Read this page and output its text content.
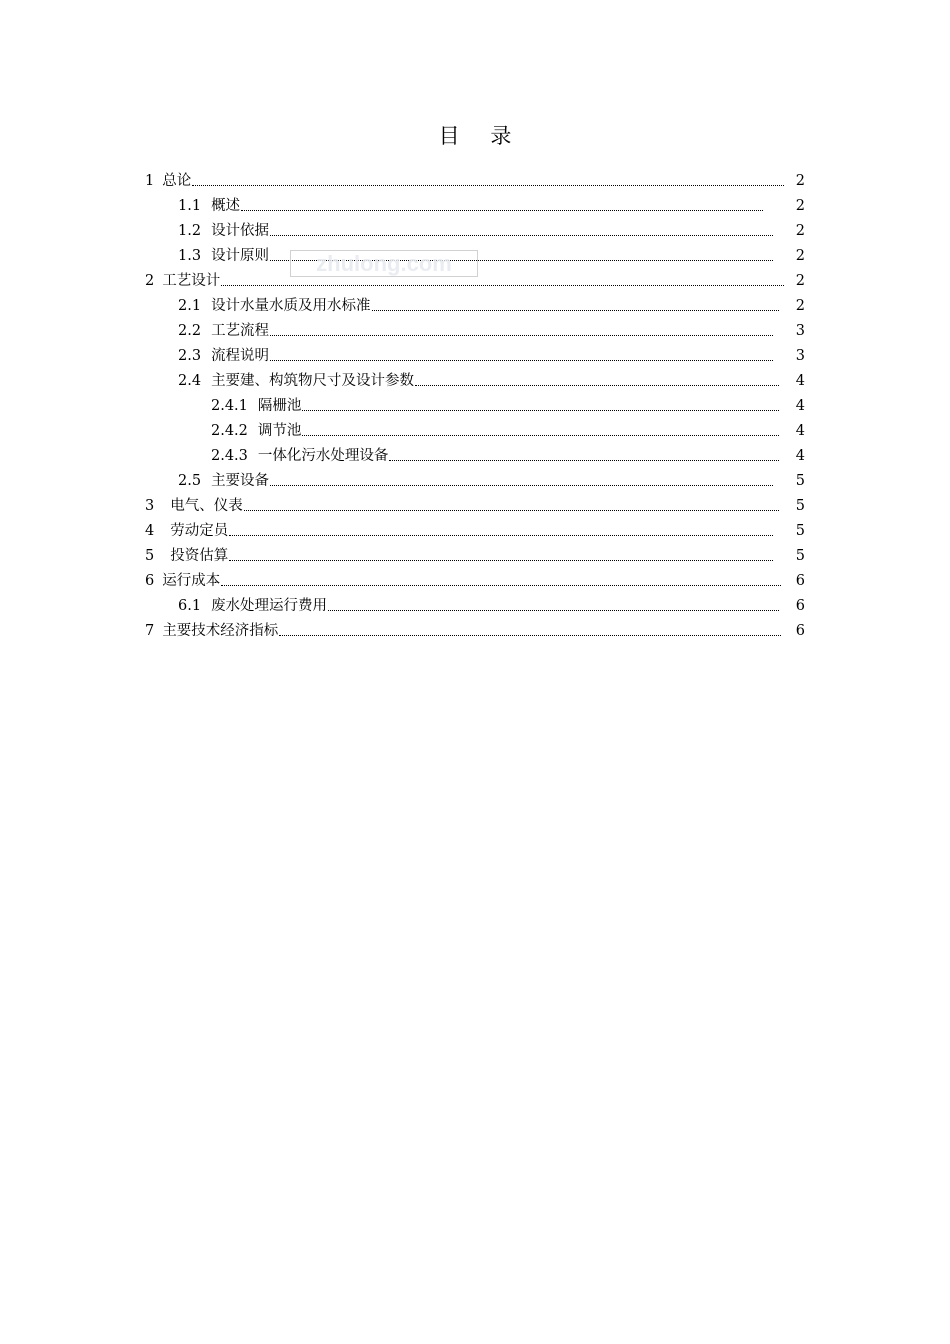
目 录
1 总论	2
1.1 概述	2
1.2 设计依据	2
1.3 设计原则	2
2 工艺设计	2
2.1 设计水量水质及用水标准	2
2.2 工艺流程	3
2.3 流程说明	3
2.4 主要建、构筑物尺寸及设计参数	4
2.4.1 隔栅池	4
2.4.2 调节池	4
2.4.3 一体化污水处理设备	4
2.5 主要设备	5
3 电气、仪表	5
4 劳动定员	5
5 投资估算	5
6 运行成本	6
6.1 废水处理运行费用	6
7 主要技术经济指标	6
zhulong.com
